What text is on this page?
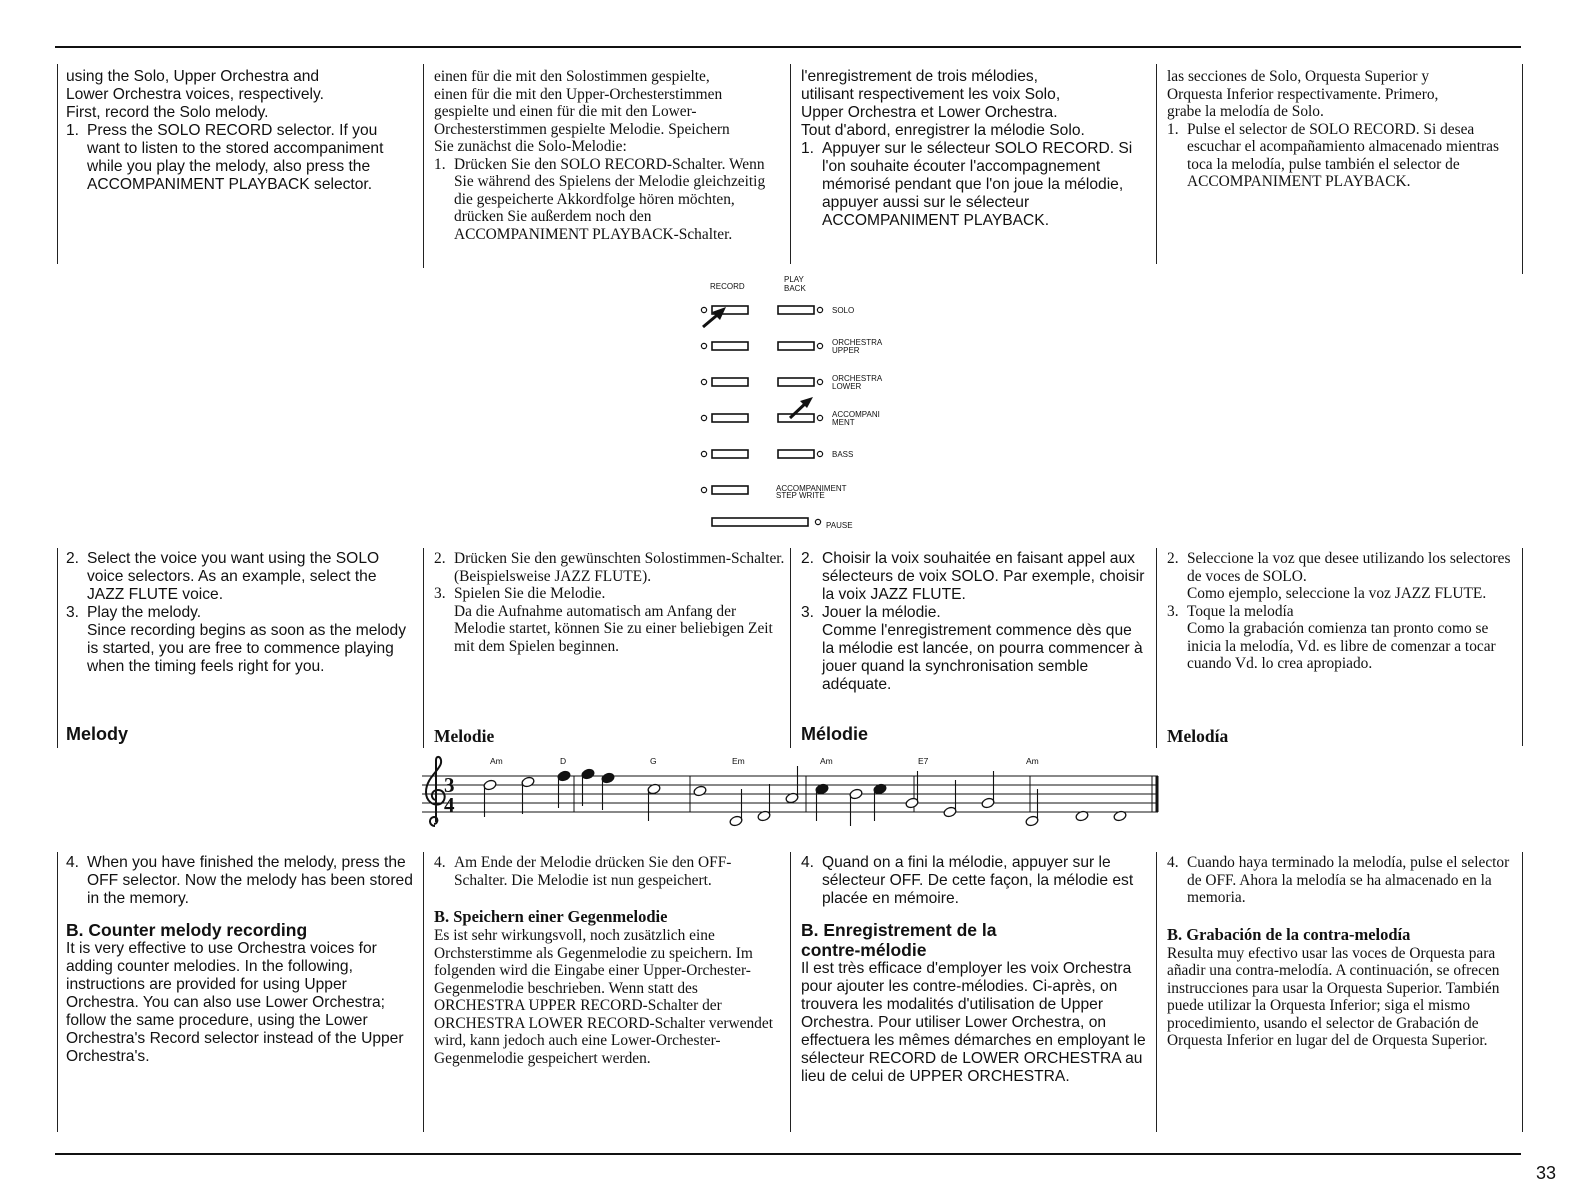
using the Solo, Upper Orchestra and

Lower Orchestra voices, respectively.

First, record the Solo melody.

1. Press the SOLO RECORD selector. If you want to listen to the stored accompaniment while you play the melody, also press the ACCOMPANIMENT PLAYBACK selector.

einen für die mit den Solostimmen gespielte,

einen für die mit den Upper-Orchesterstimmen

gespielte und einen für die mit den Lower-

Orchesterstimmen gespielte Melodie. Speichern

Sie zunächst die Solo-Melodie:

1. Drücken Sie den SOLO RECORD-Schalter. Wenn Sie während des Spielens der Melodie gleichzeitig die gespeicherte Akkordfolge hören möchten, drücken Sie außerdem noch den ACCOMPANIMENT PLAYBACK-Schalter.

l'enregistrement de trois mélodies,

utilisant respectivement les voix Solo,

Upper Orchestra et Lower Orchestra.

Tout d'abord, enregistrer la mélodie Solo.

1. Appuyer sur le sélecteur SOLO RECORD. Si l'on souhaite écouter l'accompagnement mémorisé pendant que l'on joue la mélodie, appuyer aussi sur le sélecteur ACCOMPANIMENT PLAYBACK.

las secciones de Solo, Orquesta Superior y

Orquesta Inferior respectivamente. Primero,

grabe la melodía de Solo.

1. Pulse el selector de SOLO RECORD. Si desea escuchar el acompañamiento almacenado mientras toca la melodía, pulse también el selector de ACCOMPANIMENT PLAYBACK.
RECORD
PLAY
BACK
SOLO
ORCHESTRA
UPPER
ORCHESTRA
LOWER
ACCOMPANI
MENT
BASS
ACCOMPANIMENT
STEP WRITE
PAUSE
2. Select the voice you want using the SOLO voice selectors. As an example, select the JAZZ FLUTE voice.
3. Play the melody.
Since recording begins as soon as the melody is started, you are free to commence playing when the timing feels right for you.
2. Drücken Sie den gewünschten Solostimmen-Schalter. (Beispielsweise JAZZ FLUTE).
3. Spielen Sie die Melodie.
Da die Aufnahme automatisch am Anfang der Melodie startet, können Sie zu einer beliebigen Zeit mit dem Spielen beginnen.
2. Choisir la voix souhaitée en faisant appel aux sélecteurs de voix SOLO. Par exemple, choisir la voix JAZZ FLUTE.
3. Jouer la mélodie.
Comme l'enregistrement commence dès que la mélodie est lancée, on pourra commencer à jouer quand la synchronisation semble adéquate.
2. Seleccione la voz que desee utilizando los selectores de voces de SOLO.
Como ejemplo, seleccione la voz JAZZ FLUTE.
3. Toque la melodía
Como la grabación comienza tan pronto como se inicia la melodía, Vd. es libre de comenzar a tocar cuando Vd. lo crea apropiado.
Melody	Melodie	Mélodie	Melodía
3
4
Am	D	G	Em	Am	E7	Am
4. When you have finished the melody, press the OFF selector. Now the melody has been stored in the memory.

B. Counter melody recording

It is very effective to use Orchestra voices for adding counter melodies. In the following, instructions are provided for using Upper Orchestra. You can also use Lower Orchestra; follow the same procedure, using the Lower Orchestra's Record selector instead of the Upper Orchestra's.

4. Am Ende der Melodie drücken Sie den OFF-Schalter. Die Melodie ist nun gespeichert.

B. Speichern einer Gegenmelodie

Es ist sehr wirkungsvoll, noch zusätzlich eine Orchsterstimme als Gegenmelodie zu speichern. Im folgenden wird die Eingabe einer Upper-Orchester-Gegenmelodie beschrieben. Wenn statt des ORCHESTRA UPPER RECORD-Schalter der ORCHESTRA LOWER RECORD-Schalter verwendet wird, kann jedoch auch eine Lower-Orchester-Gegenmelodie gespeichert werden.

4. Quand on a fini la mélodie, appuyer sur le sélecteur OFF. De cette façon, la mélodie est placée en mémoire.

B. Enregistrement de la contre-mélodie

Il est très efficace d'employer les voix Orchestra pour ajouter les contre-mélodies. Ci-après, on trouvera les modalités d'utilisation de Upper Orchestra. Pour utiliser Lower Orchestra, on effectuera les mêmes démarches en employant le sélecteur RECORD de LOWER ORCHESTRA au lieu de celui de UPPER ORCHESTRA.

4. Cuando haya terminado la melodía, pulse el selector de OFF. Ahora la melodía se ha almacenado en la memoria.

B. Grabación de la contra-melodía

Resulta muy efectivo usar las voces de Orquesta para añadir una contra-melodía. A continuación, se ofrecen instrucciones para usar la Orquesta Superior. También puede utilizar la Orquesta Inferior; siga el mismo procedimiento, usando el selector de Grabación de Orquesta Inferior en lugar del de Orquesta Superior.

33
